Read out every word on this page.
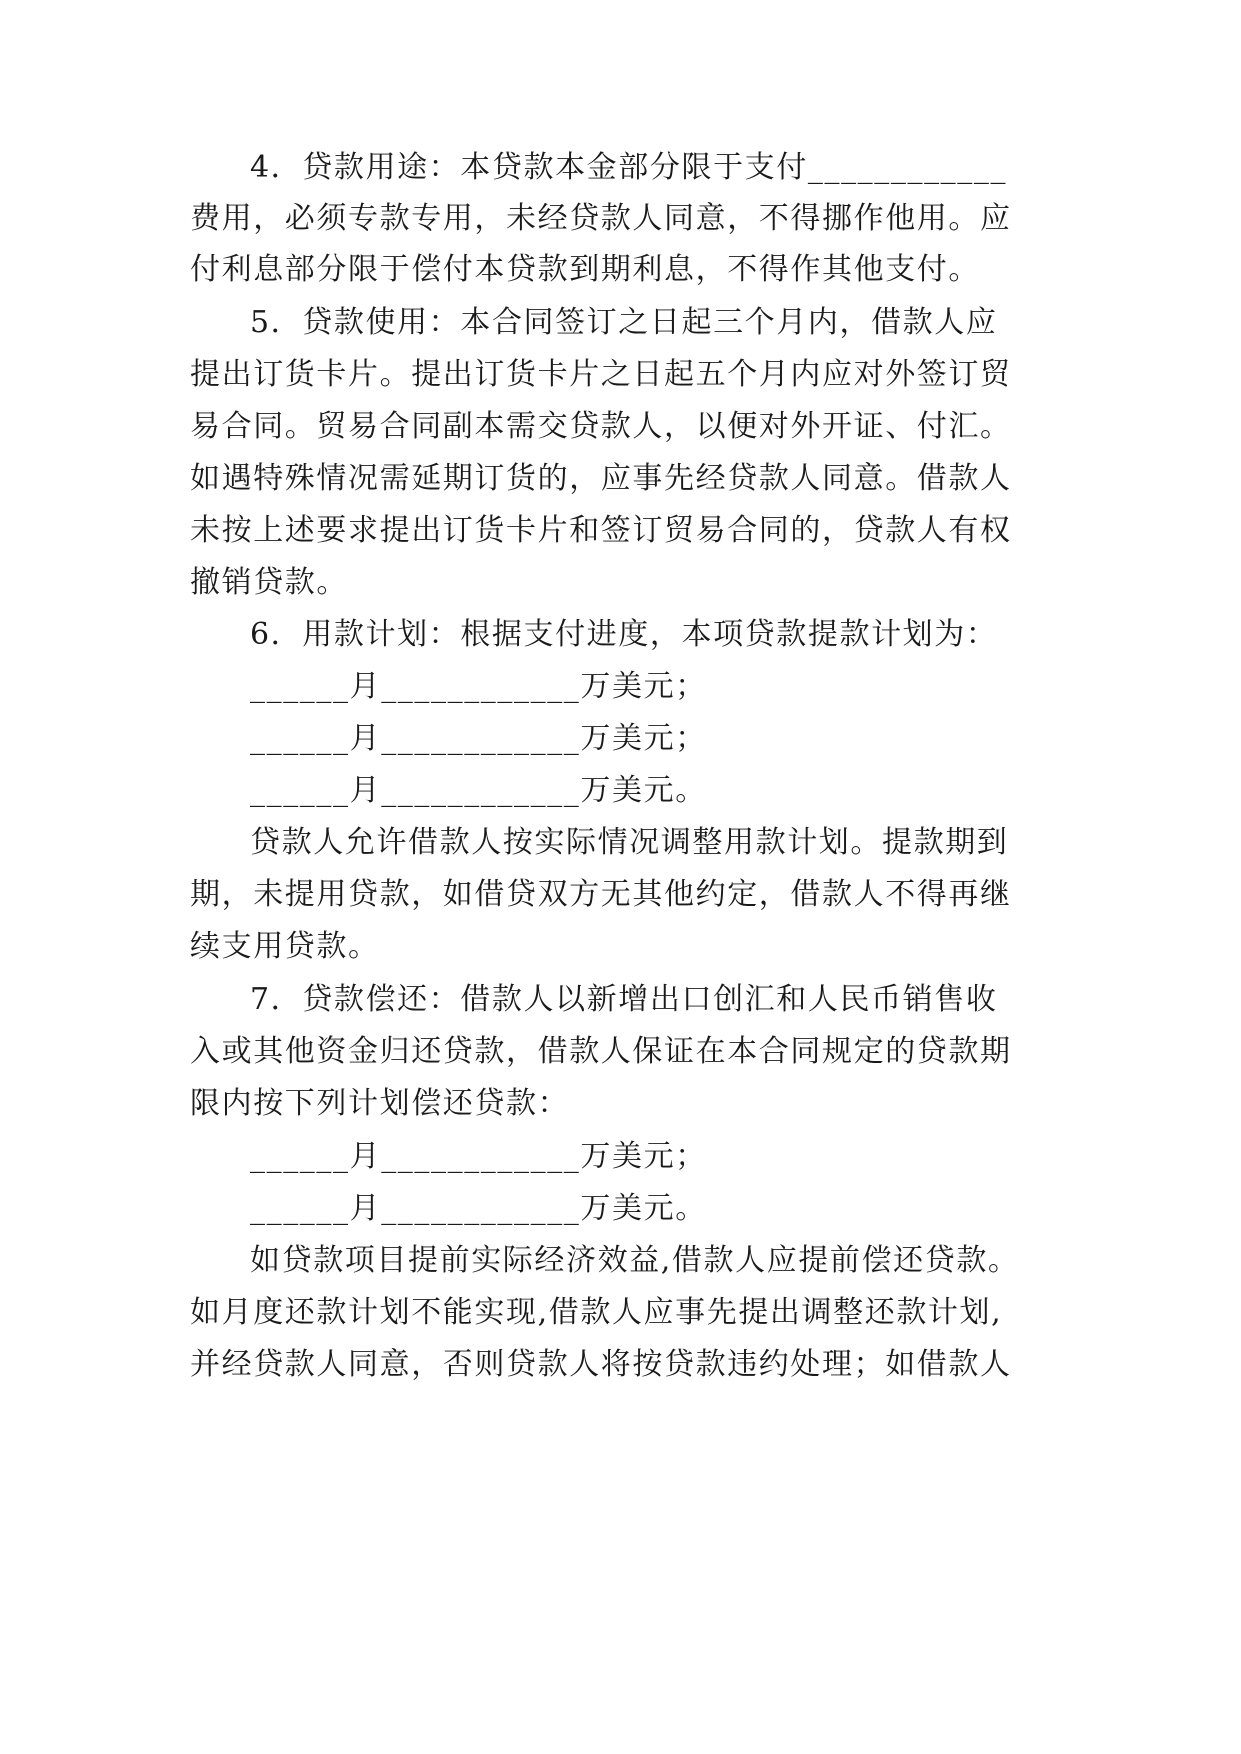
4．贷款用途：本贷款本金部分限于支付____________
费用，必须专款专用，未经贷款人同意，不得挪作他用。应
付利息部分限于偿付本贷款到期利息，不得作其他支付。
5．贷款使用：本合同签订之日起三个月内，借款人应
提出订货卡片。提出订货卡片之日起五个月内应对外签订贸
易合同。贸易合同副本需交贷款人，以便对外开证、付汇。
如遇特殊情况需延期订货的，应事先经贷款人同意。借款人
未按上述要求提出订货卡片和签订贸易合同的，贷款人有权
撤销贷款。
6．用款计划：根据支付进度，本项贷款提款计划为：
______月____________万美元；
______月____________万美元；
______月____________万美元。
贷款人允许借款人按实际情况调整用款计划。提款期到
期，未提用贷款，如借贷双方无其他约定，借款人不得再继
续支用贷款。
7．贷款偿还：借款人以新增出口创汇和人民币销售收
入或其他资金归还贷款，借款人保证在本合同规定的贷款期
限内按下列计划偿还贷款：
______月____________万美元；
______月____________万美元。
如贷款项目提前实际经济效益,借款人应提前偿还贷款。
如月度还款计划不能实现,借款人应事先提出调整还款计划,
并经贷款人同意，否则贷款人将按贷款违约处理；如借款人
